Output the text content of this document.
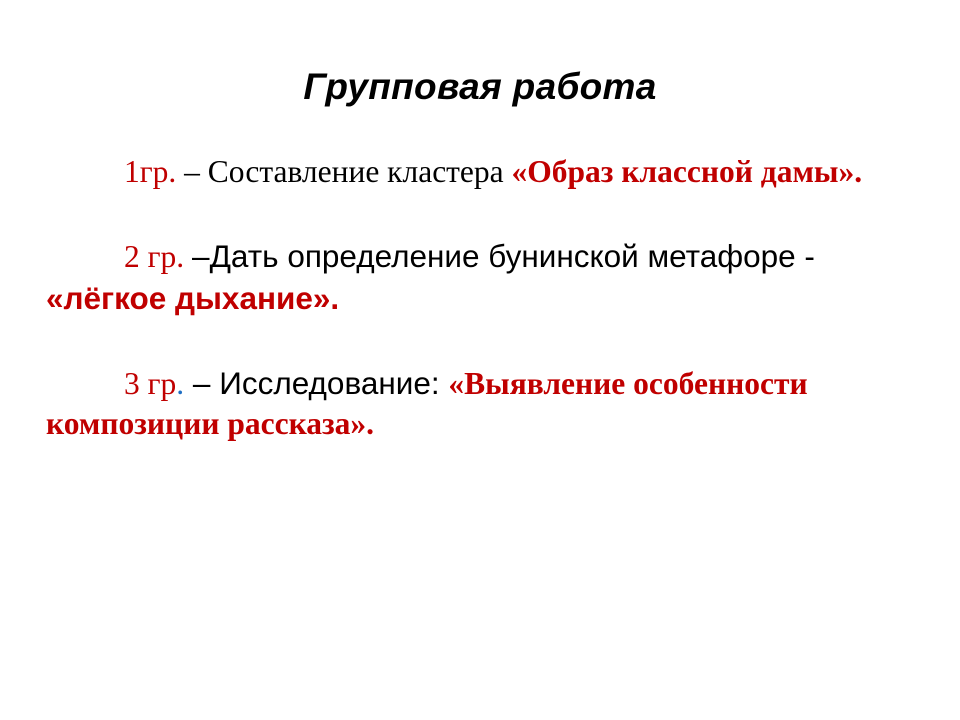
Групповая работа

1гр. – Составление кластера «Образ классной дамы».

2 гр. –Дать определение бунинской метафоре - «лёгкое дыхание».

3 гр. – Исследование: «Выявление особенности композиции рассказа».
